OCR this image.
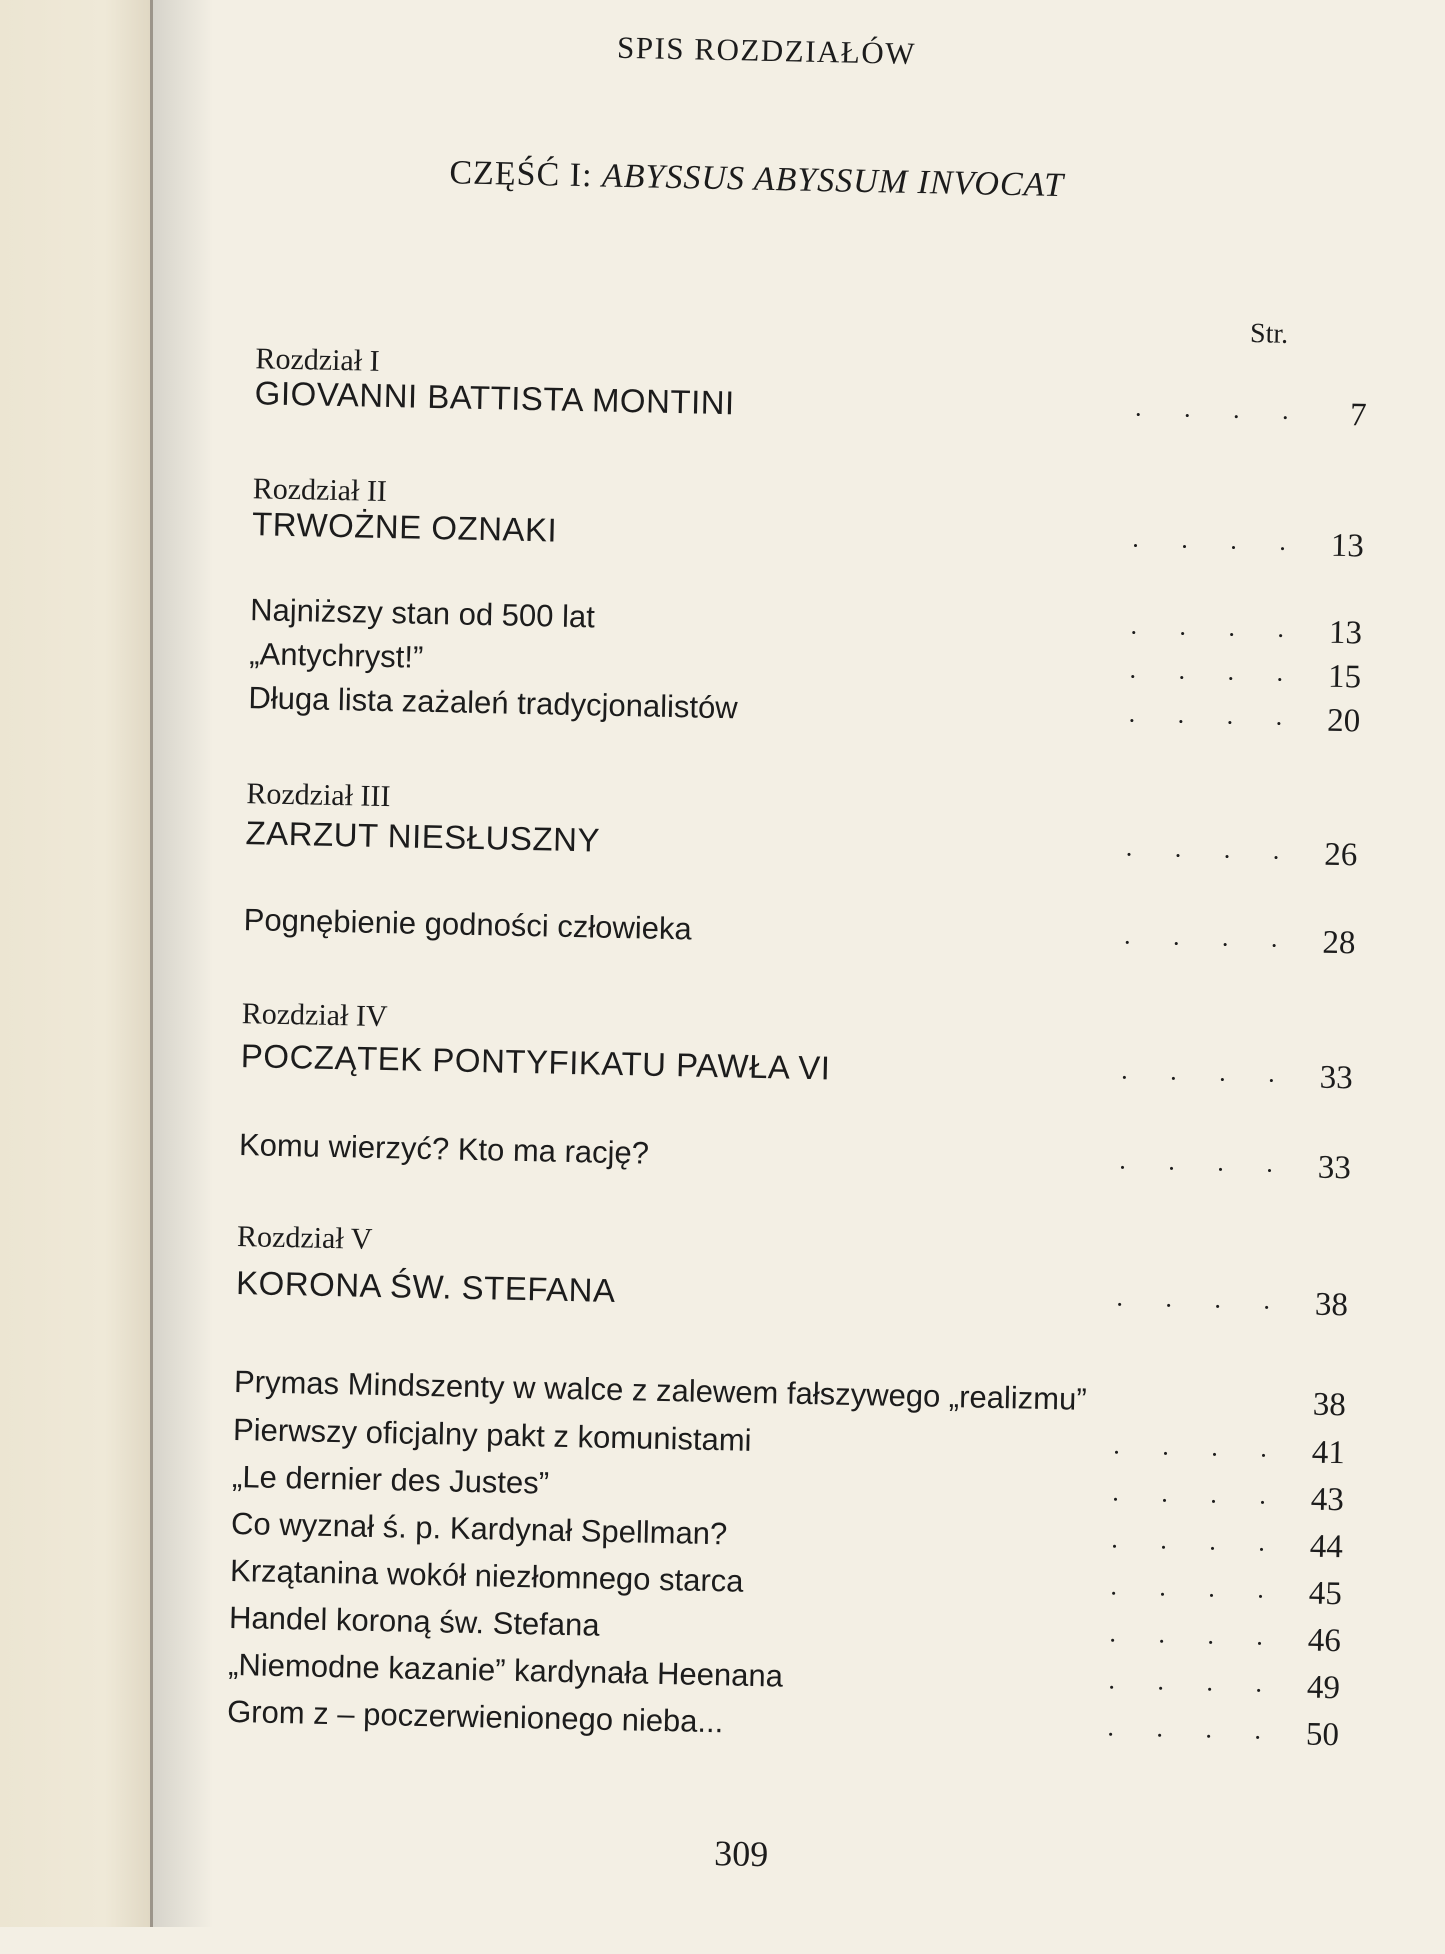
SPIS ROZDZIAŁÓW
CZĘŚĆ I: ABYSSUS ABYSSUM INVOCAT
Str.
Rozdział I
GIOVANNI BATTISTA MONTINI	. . . . 7
Rozdział II
TRWOŻNE OZNAKI	. . . . 13
Najniższy stan od 500 lat	. . . . 13
„Antychryst!”	. . . . 15
Długa lista zażaleń tradycjonalistów	. . . . 20
Rozdział III
ZARZUT NIESŁUSZNY	. . . . 26
Pognębienie godności człowieka	. . . . 28
Rozdział IV
POCZĄTEK PONTYFIKATU PAWŁA VI	. . . . 33
Komu wierzyć? Kto ma rację?	. . . . 33
Rozdział V
KORONA ŚW. STEFANA	. . . . 38
Prymas Mindszenty w walce z zalewem fałszywego „realizmu”	38
Pierwszy oficjalny pakt z komunistami	. . . . 41
„Le dernier des Justes”	. . . . 43
Co wyznał ś. p. Kardynał Spellman?	. . . . 44
Krzątanina wokół niezłomnego starca	. . . . 45
Handel koroną św. Stefana	. . . . 46
„Niemodne kazanie” kardynała Heenana	. . . . 49
Grom z – poczerwienionego nieba...	. . . . 50
309
